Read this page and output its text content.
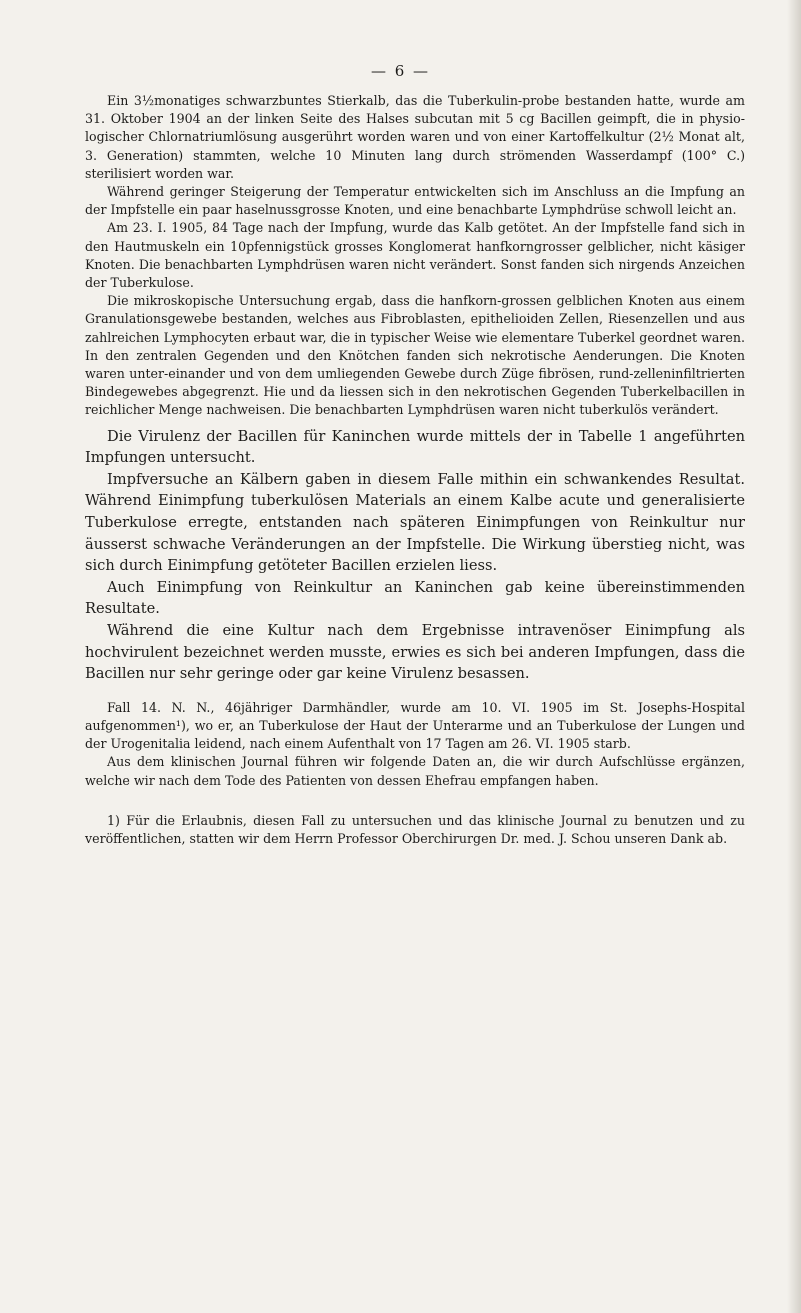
— 6 —

Ein 3½monatiges schwarzbuntes Stierkalb, das die Tuberkulin-probe bestanden hatte, wurde am 31. Oktober 1904 an der linken Seite des Halses subcutan mit 5 cg Bacillen geimpft, die in physio-logischer Chlornatriumlösung ausgerührt worden waren und von einer Kartoffelkultur (2½ Monat alt, 3. Generation) stammten, welche 10 Minuten lang durch strömenden Wasserdampf (100° C.) sterilisiert worden war.

Während geringer Steigerung der Temperatur entwickelten sich im Anschluss an die Impfung an der Impfstelle ein paar haselnussgrosse Knoten, und eine benachbarte Lymphdrüse schwoll leicht an.

Am 23. I. 1905, 84 Tage nach der Impfung, wurde das Kalb getötet. An der Impfstelle fand sich in den Hautmuskeln ein 10pfennigstück grosses Konglomerat hanfkorngrosser gelblicher, nicht käsiger Knoten. Die benachbarten Lymphdrüsen waren nicht verändert. Sonst fanden sich nirgends Anzeichen der Tuberkulose.

Die mikroskopische Untersuchung ergab, dass die hanfkorn-grossen gelblichen Knoten aus einem Granulationsgewebe bestanden, welches aus Fibroblasten, epithelioiden Zellen, Riesenzellen und aus zahlreichen Lymphocyten erbaut war, die in typischer Weise wie elementare Tuberkel geordnet waren. In den zentralen Gegenden und den Knötchen fanden sich nekrotische Aenderungen. Die Knoten waren unter-einander und von dem umliegenden Gewebe durch Züge fibrösen, rund-zelleninfiltrierten Bindegewebes abgegrenzt. Hie und da liessen sich in den nekrotischen Gegenden Tuberkelbacillen in reichlicher Menge nachweisen. Die benachbarten Lymphdrüsen waren nicht tuberkulös verändert.

Die Virulenz der Bacillen für Kaninchen wurde mittels der in Tabelle 1 angeführten Impfungen untersucht.

Impfversuche an Kälbern gaben in diesem Falle mithin ein schwankendes Resultat. Während Einimpfung tuberkulösen Materials an einem Kalbe acute und generalisierte Tuberkulose erregte, entstanden nach späteren Einimpfungen von Reinkultur nur äusserst schwache Veränderungen an der Impfstelle. Die Wirkung überstieg nicht, was sich durch Einimpfung getöteter Bacillen erzielen liess.

Auch Einimpfung von Reinkultur an Kaninchen gab keine übereinstimmenden Resultate.

Während die eine Kultur nach dem Ergebnisse intravenöser Einimpfung als hochvirulent bezeichnet werden musste, erwies es sich bei anderen Impfungen, dass die Bacillen nur sehr geringe oder gar keine Virulenz besassen.

Fall 14. N. N., 46jähriger Darmhändler, wurde am 10. VI. 1905 im St. Josephs-Hospital aufgenommen¹), wo er, an Tuberkulose der Haut der Unterarme und an Tuberkulose der Lungen und der Urogenitalia leidend, nach einem Aufenthalt von 17 Tagen am 26. VI. 1905 starb.

Aus dem klinischen Journal führen wir folgende Daten an, die wir durch Aufschlüsse ergänzen, welche wir nach dem Tode des Patienten von dessen Ehefrau empfangen haben.

1) Für die Erlaubnis, diesen Fall zu untersuchen und das klinische Journal zu benutzen und zu veröffentlichen, statten wir dem Herrn Professor Oberchirurgen Dr. med. J. Schou unseren Dank ab.
